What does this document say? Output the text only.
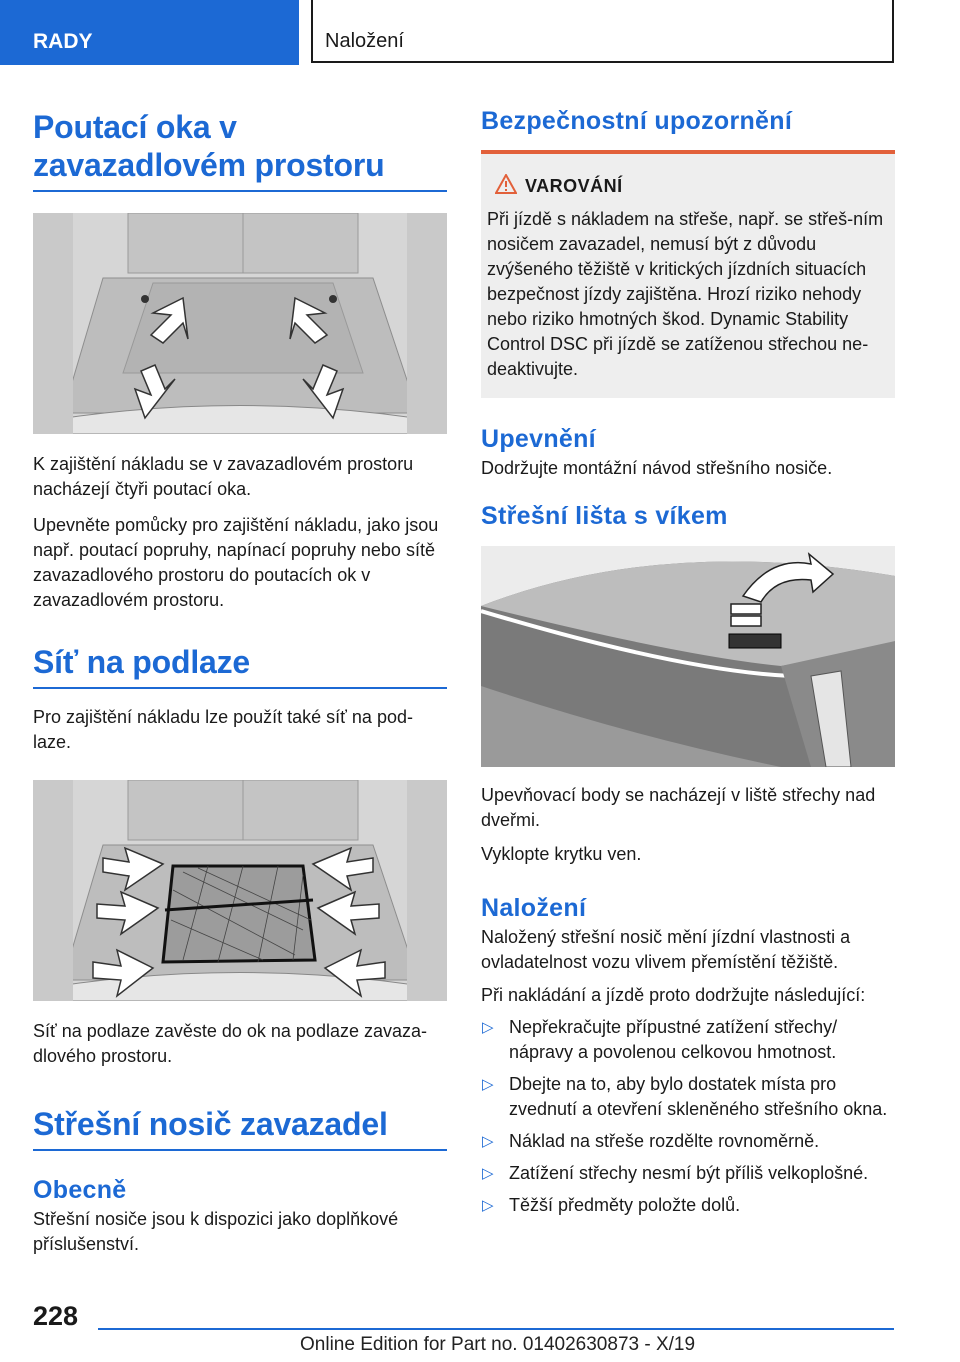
RADY	Naložení
Poutací oka v
zavazadlovém prostoru

K zajištění nákladu se v zavazadlovém prostoru nacházejí čtyři poutací oka.

Upevněte pomůcky pro zajištění nákladu, jako jsou např. poutací popruhy, napínací popruhy nebo sítě zavazadlového prostoru do poutacích ok v zavazadlovém prostoru.

Síť na podlaze

Pro zajištění nákladu lze použít také síť na pod‐laze.

Síť na podlaze zavěste do ok na podlaze zavaza‐dlového prostoru.

Střešní nosič zavazadel
Obecně

Střešní nosiče jsou k dispozici jako doplňkové příslušenství.

Bezpečnostní upozornění
VAROVÁNÍ

Při jízdě s nákladem na střeše, např. se střeš‐ním nosičem zavazadel, nemusí být z důvodu zvýšeného těžiště v kritických jízdních situacích bezpečnost jízdy zajištěna. Hrozí riziko nehody nebo riziko hmotných škod. Dynamic Stability Control DSC při jízdě se zatíženou střechou ne‐deaktivujte.

Upevnění

Dodržujte montážní návod střešního nosiče.

Střešní lišta s víkem

Upevňovací body se nacházejí v liště střechy nad dveřmi.

Vyklopte krytku ven.

Naložení

Naložený střešní nosič mění jízdní vlastnosti a ovladatelnost vozu vlivem přemístění těžiště.

Při nakládání a jízdě proto dodržujte následující:

▷ Nepřekračujte přípustné zatížení střechy/ nápravy a povolenou celkovou hmotnost.
▷ Dbejte na to, aby bylo dostatek místa pro zvednutí a otevření skleněného střešního okna.
▷ Náklad na střeše rozdělte rovnoměrně.
▷ Zatížení střechy nesmí být příliš velkoplošné.
▷ Těžší předměty položte dolů.
228
Online Edition for Part no. 01402630873 - X/19
